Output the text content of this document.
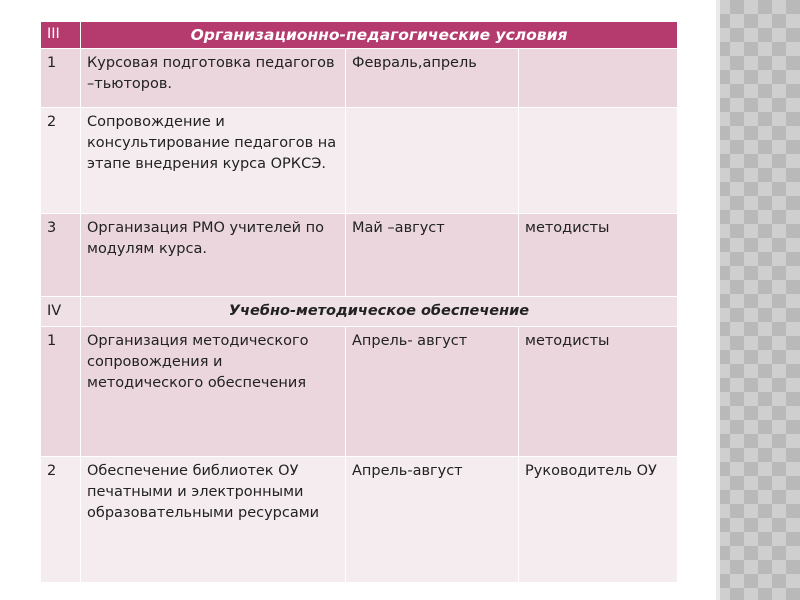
III	Организационно-педагогические условия		
1	Курсовая подготовка педагогов –тьюторов.	Февраль,апрель	
2	Сопровождение и консультирование педагогов на этапе внедрения курса ОРКСЭ.		
3	Организация РМО учителей по модулям курса.	Май –август	методисты
IV	Учебно-методическое обеспечение		
1	Организация методического сопровождения и методического обеспечения	Апрель- август	методисты
2	Обеспечение библиотек ОУ печатными и электронными образовательными ресурсами	Апрель-август	Руководитель ОУ
